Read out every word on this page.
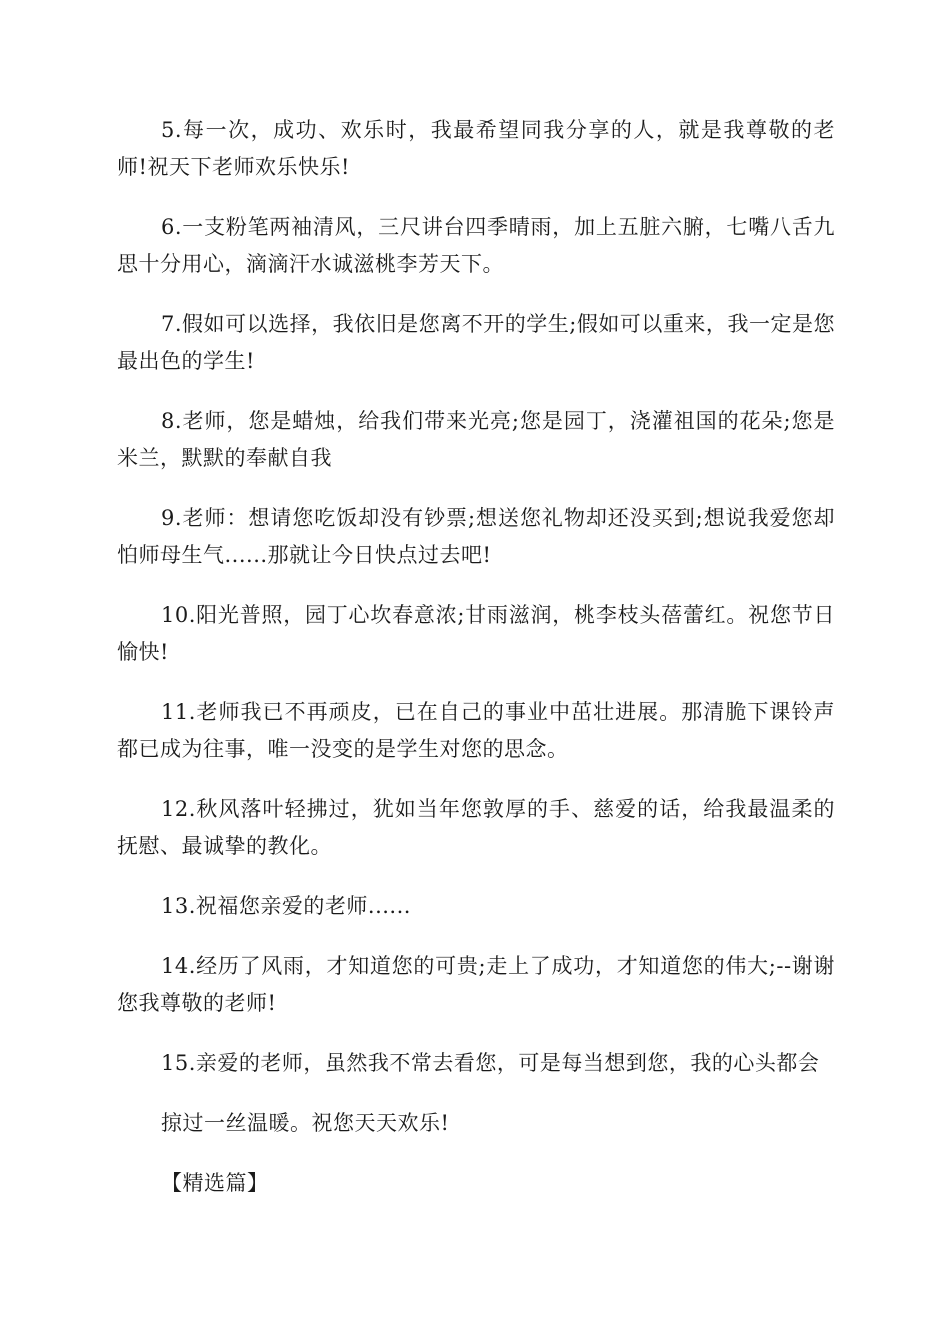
5.每一次，成功、欢乐时，我最希望同我分享的人，就是我尊敬的老师!祝天下老师欢乐快乐!

6.一支粉笔两袖清风，三尺讲台四季晴雨，加上五脏六腑，七嘴八舌九思十分用心，滴滴汗水诚滋桃李芳天下。

7.假如可以选择，我依旧是您离不开的学生;假如可以重来，我一定是您最出色的学生!

8.老师，您是蜡烛，给我们带来光亮;您是园丁，浇灌祖国的花朵;您是米兰，默默的奉献自我

9.老师：想请您吃饭却没有钞票;想送您礼物却还没买到;想说我爱您却怕师母生气......那就让今日快点过去吧!

10.阳光普照，园丁心坎春意浓;甘雨滋润，桃李枝头蓓蕾红。祝您节日愉快!

11.老师我已不再顽皮，已在自己的事业中茁壮进展。那清脆下课铃声都已成为往事，唯一没变的是学生对您的思念。

12.秋风落叶轻拂过，犹如当年您敦厚的手、慈爱的话，给我最温柔的抚慰、最诚挚的教化。

13.祝福您亲爱的老师......

14.经历了风雨，才知道您的可贵;走上了成功，才知道您的伟大;--谢谢您我尊敬的老师!

15.亲爱的老师，虽然我不常去看您，可是每当想到您，我的心头都会

掠过一丝温暖。祝您天天欢乐!

【精选篇】
